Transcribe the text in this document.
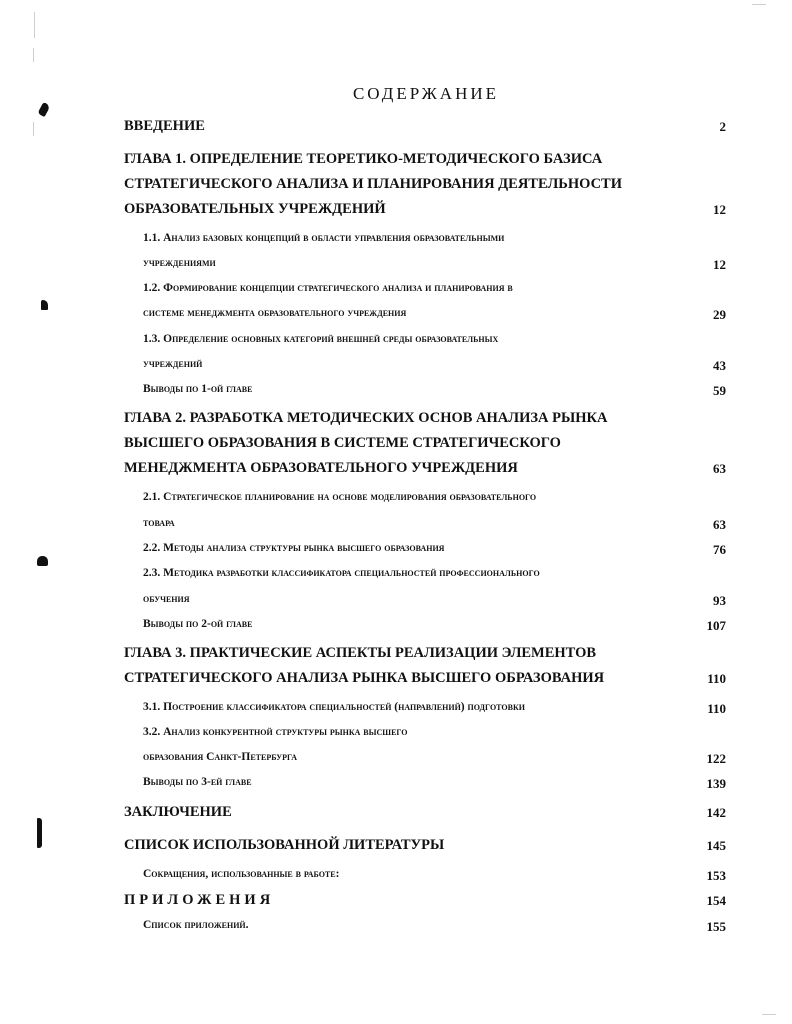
СОДЕРЖАНИЕ
ВВЕДЕНИЕ	2
ГЛАВА 1. ОПРЕДЕЛЕНИЕ ТЕОРЕТИКО-МЕТОДИЧЕСКОГО БАЗИСА
СТРАТЕГИЧЕСКОГО АНАЛИЗА И ПЛАНИРОВАНИЯ ДЕЯТЕЛЬНОСТИ
ОБРАЗОВАТЕЛЬНЫХ УЧРЕЖДЕНИЙ	12
1.1. Анализ базовых концепций в области управления образовательными
учреждениями	12
1.2. Формирование концепции стратегического анализа и планирования в
системе менеджмента образовательного учреждения	29
1.3. Определение основных категорий внешней среды образовательных
учреждений	43
Выводы по 1-ой главе	59
ГЛАВА 2. РАЗРАБОТКА МЕТОДИЧЕСКИХ ОСНОВ АНАЛИЗА РЫНКА
ВЫСШЕГО ОБРАЗОВАНИЯ В СИСТЕМЕ СТРАТЕГИЧЕСКОГО
МЕНЕДЖМЕНТА ОБРАЗОВАТЕЛЬНОГО УЧРЕЖДЕНИЯ	63
2.1. Стратегическое планирование на основе моделирования образовательного
товара	63
2.2. Методы анализа структуры рынка высшего образования	76
2.3. Методика разработки классификатора специальностей профессионального
обучения	93
Выводы по 2-ой главе	107
ГЛАВА 3. ПРАКТИЧЕСКИЕ АСПЕКТЫ РЕАЛИЗАЦИИ ЭЛЕМЕНТОВ
СТРАТЕГИЧЕСКОГО АНАЛИЗА РЫНКА ВЫСШЕГО ОБРАЗОВАНИЯ	110
3.1. Построение классификатора специальностей (направлений) подготовки	110
3.2. Анализ конкурентной структуры рынка высшего
образования Санкт-Петербурга	122
Выводы по 3-ей главе	139
ЗАКЛЮЧЕНИЕ	142
СПИСОК ИСПОЛЬЗОВАННОЙ ЛИТЕРАТУРЫ	145
Сокращения, использованные в работе:	153
ПРИЛОЖЕНИЯ	154
Список приложений.	155
